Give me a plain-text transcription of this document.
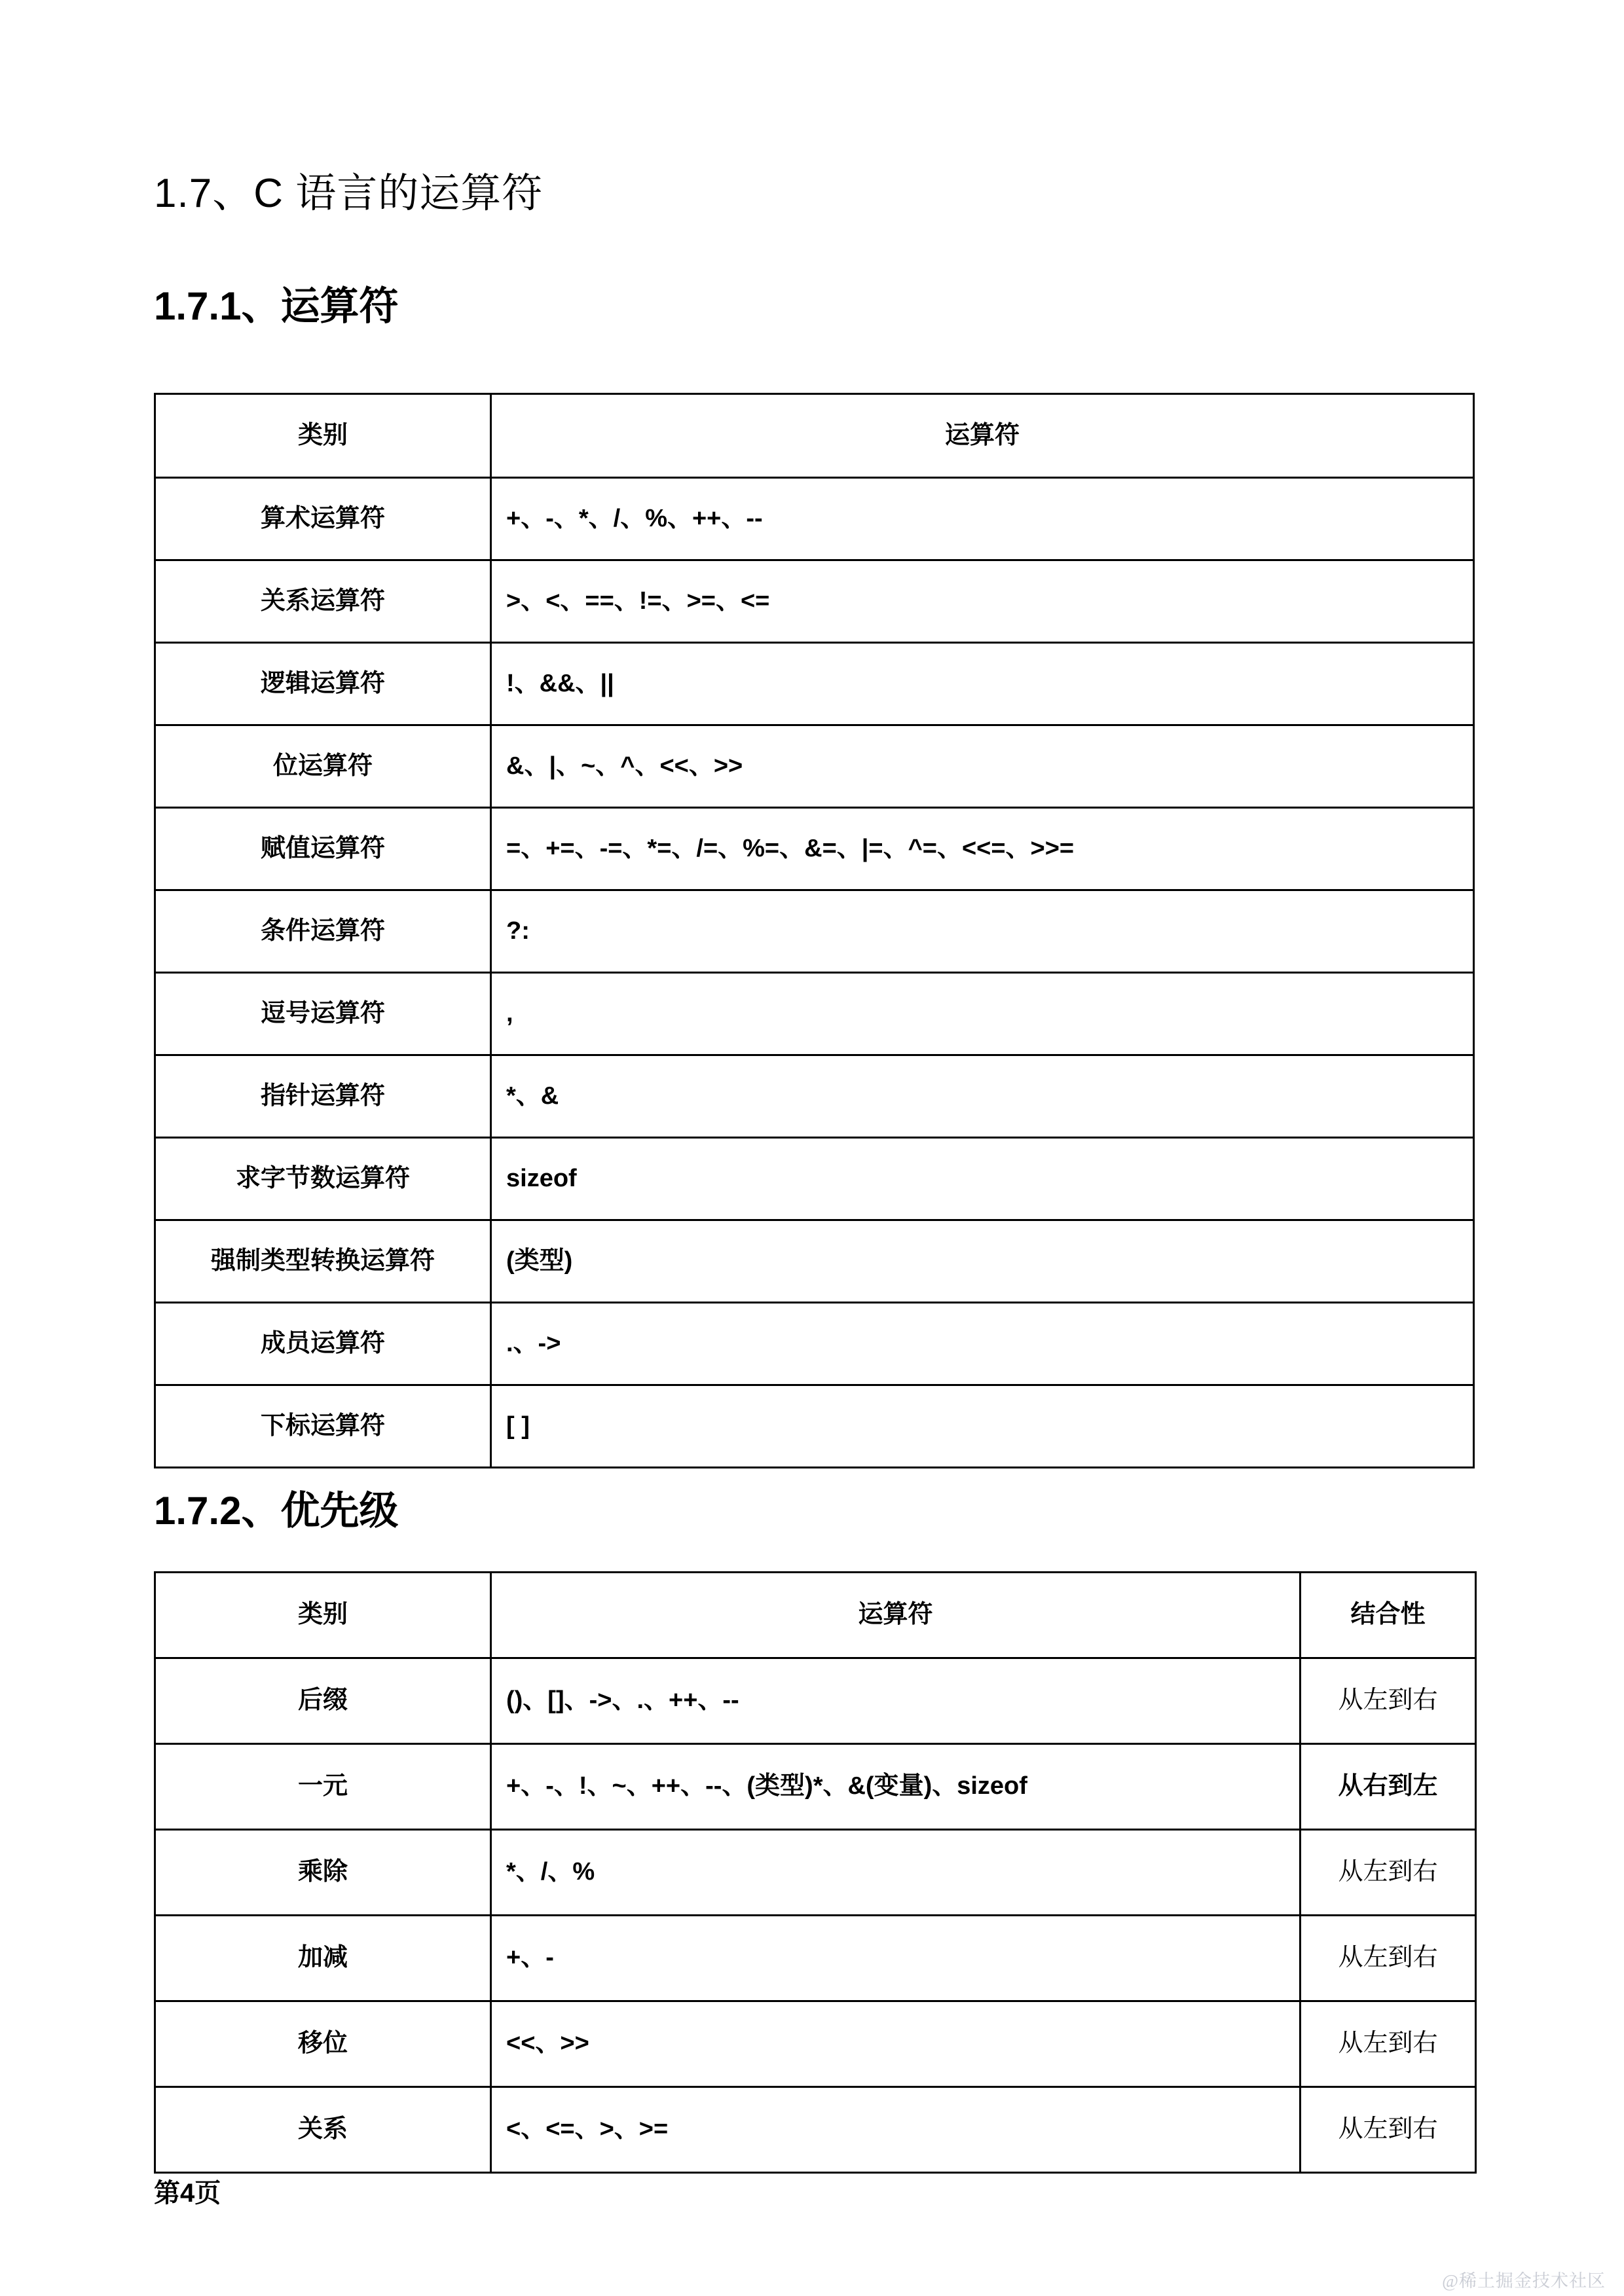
1.7、C 语言的运算符
1.7.1、运算符
类别	运算符
算术运算符	+、-、*、/、%、++、--
关系运算符	>、<、==、!=、>=、<=
逻辑运算符	!、&&、||
位运算符	&、|、~、^、<<、>>
赋值运算符	=、+=、-=、*=、/=、%=、&=、|=、^=、<<=、>>=
条件运算符	?:
逗号运算符	,
指针运算符	*、&
求字节数运算符	sizeof
强制类型转换运算符	(类型)
成员运算符	.、->
下标运算符	[ ]
1.7.2、优先级
类别	运算符	结合性
后缀	()、[]、->、.、++、--	从左到右
一元	+、-、!、~、++、--、(类型)*、&(变量)、sizeof	从右到左
乘除	*、/、%	从左到右
加减	+、-	从左到右
移位	<<、>>	从左到右
关系	<、<=、>、>=	从左到右
第4页
@稀土掘金技术社区
